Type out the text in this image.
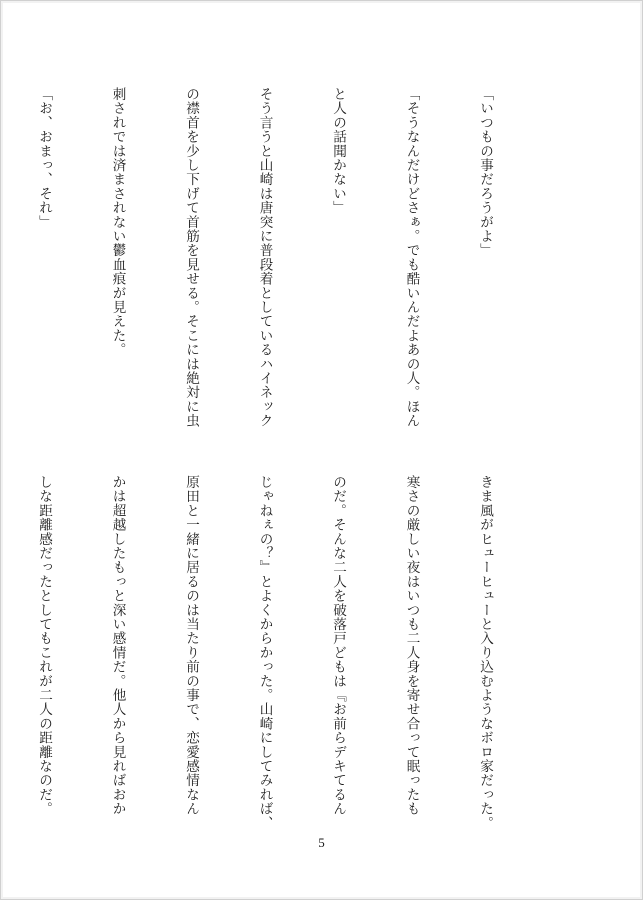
「いつもの事だろうがよ」

「そうなんだけどさぁ。でも酷いんだよあの人。ほん

と人の話聞かない」

そう言うと山崎は唐突に普段着としているハイネック

の襟首を少し下げて首筋を見せる。そこには絶対に虫

刺されでは済まされない鬱血痕が見えた。

「お、おまっ、それ」

きま風がヒューヒューと入り込むようなボロ家だった。

寒さの厳しい夜はいつも二人身を寄せ合って眠ったも

のだ。そんな二人を破落戸どもは『お前らデキてるん

じゃねぇの？』とよくからかった。山崎にしてみれば、

原田と一緒に居るのは当たり前の事で、恋愛感情なん

かは超越したもっと深い感情だ。他人から見ればおか

しな距離感だったとしてもこれが二人の距離なのだ。

5
